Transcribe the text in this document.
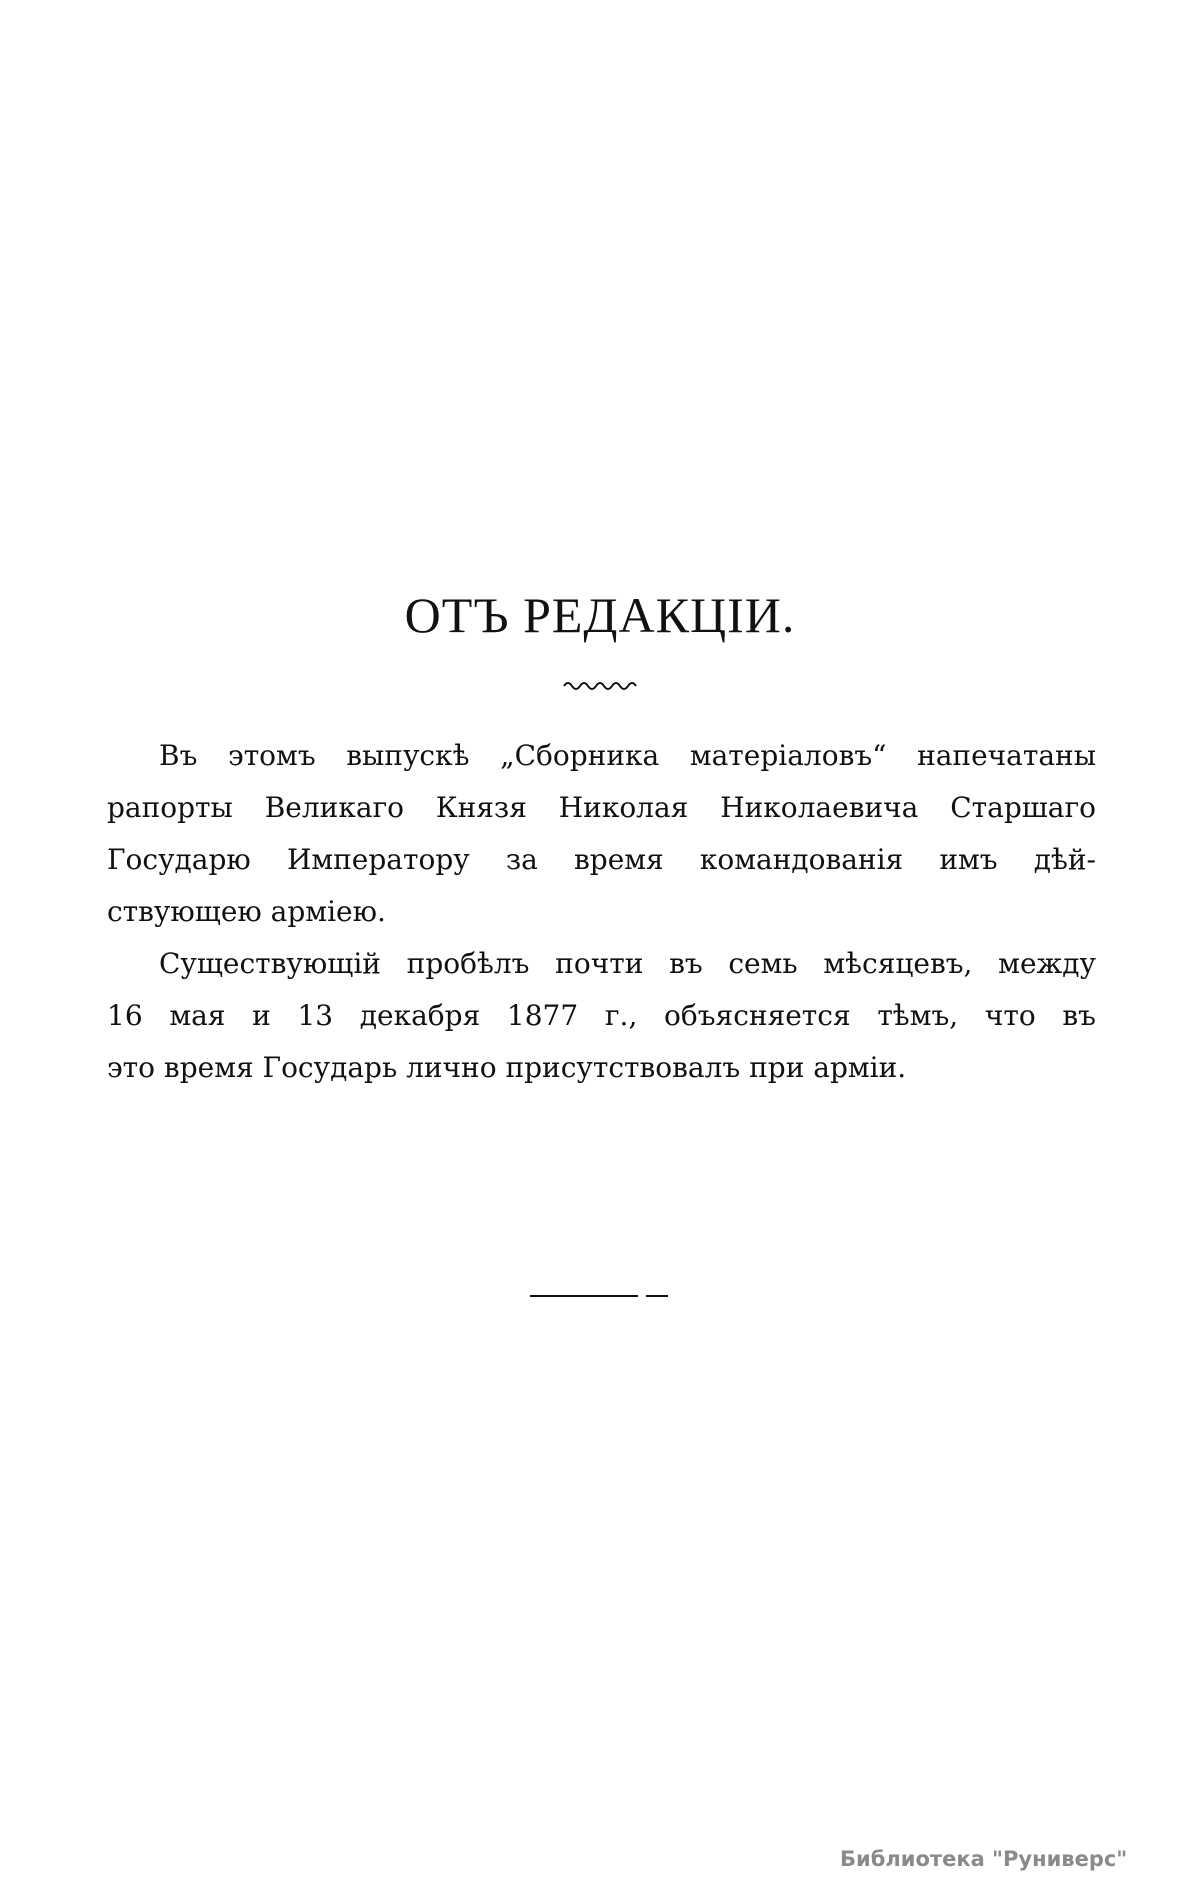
ОТЪ РЕДАКЦIИ.
Въ этомъ выпускѣ „Сборника матеріаловъ“ напечатаны
рапорты Великаго Князя Николая Николаевича Старшаго
Государю Императору за время командованія имъ дѣй-
ствующею арміею.
Существующій пробѣлъ почти въ семь мѣсяцевъ, между
16 мая и 13 декабря 1877 г., объясняется тѣмъ, что въ
это время Государь лично присутствовалъ при арміи.
Библиотека "Руниверс"
